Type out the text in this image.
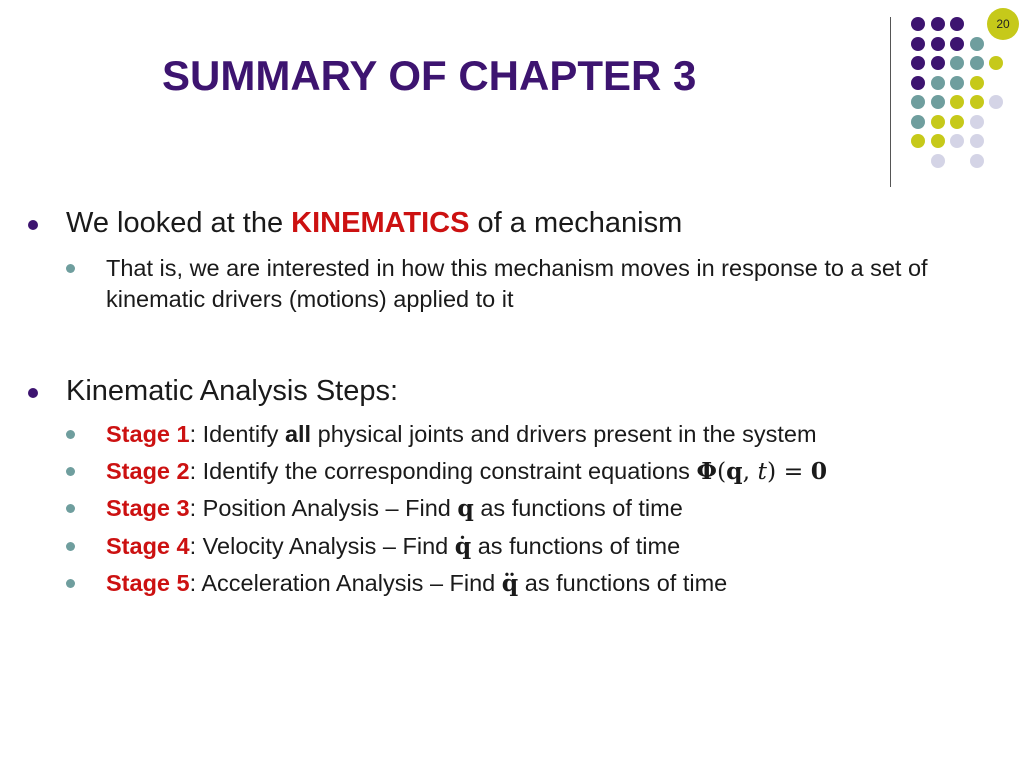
SUMMARY OF CHAPTER 3
20
We looked at the KINEMATICS of a mechanism
That is, we are interested in how this mechanism moves in response to a set of kinematic drivers (motions) applied to it
Kinematic Analysis Steps:
Stage 1: Identify all physical joints and drivers present in the system
Stage 2: Identify the corresponding constraint equations Φ(q, t) = 0
Stage 3: Position Analysis – Find q as functions of time
Stage 4: Velocity Analysis – Find q̇ as functions of time
Stage 5: Acceleration Analysis – Find q̈ as functions of time
